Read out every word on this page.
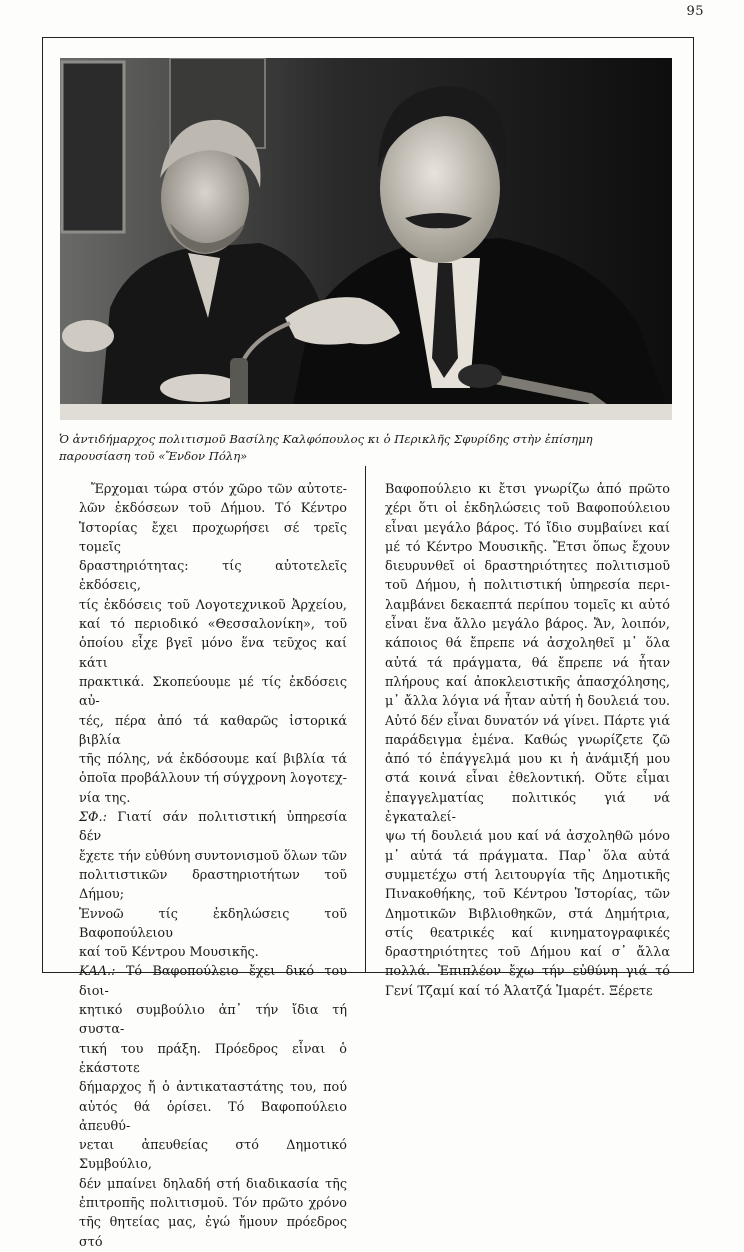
95

Ὁ ἀντιδήμαρχος πολιτισμοῦ Βασίλης Καλφόπουλος κι ὁ Περικλῆς Σφυρίδης στὴν ἐπίσημη

παρουσίαση τοῦ «Ἔνδον Πόλη»

Ἔρχομαι τώρα στόν χῶρο τῶν αὐτοτε-

λῶν ἐκδόσεων τοῦ Δήμου. Τό Κέντρο

Ἱστορίας ἔχει προχωρήσει σέ τρεῖς τομεῖς

δραστηριότητας: τίς αὐτοτελεῖς ἐκδόσεις,

τίς ἐκδόσεις τοῦ Λογοτεχνικοῦ Ἀρχείου,

καί τό περιοδικό «Θεσσαλονίκη», τοῦ

ὁποίου εἶχε βγεῖ μόνο ἕνα τεῦχος καί κάτι

πρακτικά. Σκοπεύουμε μέ τίς ἐκδόσεις αὐ-

τές, πέρα ἀπό τά καθαρῶς ἱστορικά βιβλία

τῆς πόλης, νά ἐκδόσουμε καί βιβλία τά

ὁποῖα προβάλλουν τή σύγχρονη λογοτεχ-

νία της.

ΣΦ.: Γιατί σάν πολιτιστική ὑπηρεσία δέν

ἔχετε τήν εὐθύνη συντονισμοῦ ὅλων τῶν

πολιτιστικῶν δραστηριοτήτων τοῦ Δήμου;

Ἐννοῶ τίς ἐκδηλώσεις τοῦ Βαφοπούλειου

καί τοῦ Κέντρου Μουσικῆς.

ΚΑΛ.: Τό Βαφοπούλειο ἔχει δικό του διοι-

κητικό συμβούλιο ἀπ᾽ τήν ἴδια τή συστα-

τική του πράξη. Πρόεδρος εἶναι ὁ ἑκάστοτε

δήμαρχος ἤ ὁ ἀντικαταστάτης του, πού

αὐτός θά ὁρίσει. Τό Βαφοπούλειο ἀπευθύ-

νεται ἀπευθείας στό Δημοτικό Συμβούλιο,

δέν μπαίνει δηλαδή στή διαδικασία τῆς

ἐπιτροπῆς πολιτισμοῦ. Τόν πρῶτο χρόνο

τῆς θητείας μας, ἐγώ ἤμουν πρόεδρος στό

Βαφοπούλειο κι ἔτσι γνωρίζω ἀπό πρῶτο

χέρι ὅτι οἱ ἐκδηλώσεις τοῦ Βαφοπούλειου

εἶναι μεγάλο βάρος. Τό ἴδιο συμβαίνει καί

μέ τό Κέντρο Μουσικῆς. Ἔτσι ὅπως ἔχουν

διευρυνθεῖ οἱ δραστηριότητες πολιτισμοῦ

τοῦ Δήμου, ἡ πολιτιστική ὑπηρεσία περι-

λαμβάνει δεκαεπτά περίπου τομεῖς κι αὐτό

εἶναι ἕνα ἄλλο μεγάλο βάρος. Ἄν, λοιπόν,

κάποιος θά ἔπρεπε νά ἀσχοληθεῖ μ᾽ ὅλα

αὐτά τά πράγματα, θά ἔπρεπε νά ἦταν

πλήρους καί ἀποκλειστικῆς ἀπασχόλησης,

μ᾽ ἄλλα λόγια νά ἦταν αὐτή ἡ δουλειά του.

Αὐτό δέν εἶναι δυνατόν νά γίνει. Πάρτε γιά

παράδειγμα ἐμένα. Καθώς γνωρίζετε ζῶ

ἀπό τό ἐπάγγελμά μου κι ἡ ἀνάμιξή μου

στά κοινά εἶναι ἐθελοντική. Οὔτε εἶμαι

ἐπαγγελματίας πολιτικός γιά νά ἐγκαταλεί-

ψω τή δουλειά μου καί νά ἀσχοληθῶ μόνο

μ᾽ αὐτά τά πράγματα. Παρ᾽ ὅλα αὐτά

συμμετέχω στή λειτουργία τῆς Δημοτικῆς

Πινακοθήκης, τοῦ Κέντρου Ἱστορίας, τῶν

Δημοτικῶν Βιβλιοθηκῶν, στά Δημήτρια,

στίς θεατρικές καί κινηματογραφικές

δραστηριότητες τοῦ Δήμου καί σ᾽ ἄλλα

πολλά. Ἐπιπλέον ἔχω τήν εὐθύνη γιά τό

Γενί Τζαμί καί τό Ἀλατζά Ἰμαρέτ. Ξέρετε
